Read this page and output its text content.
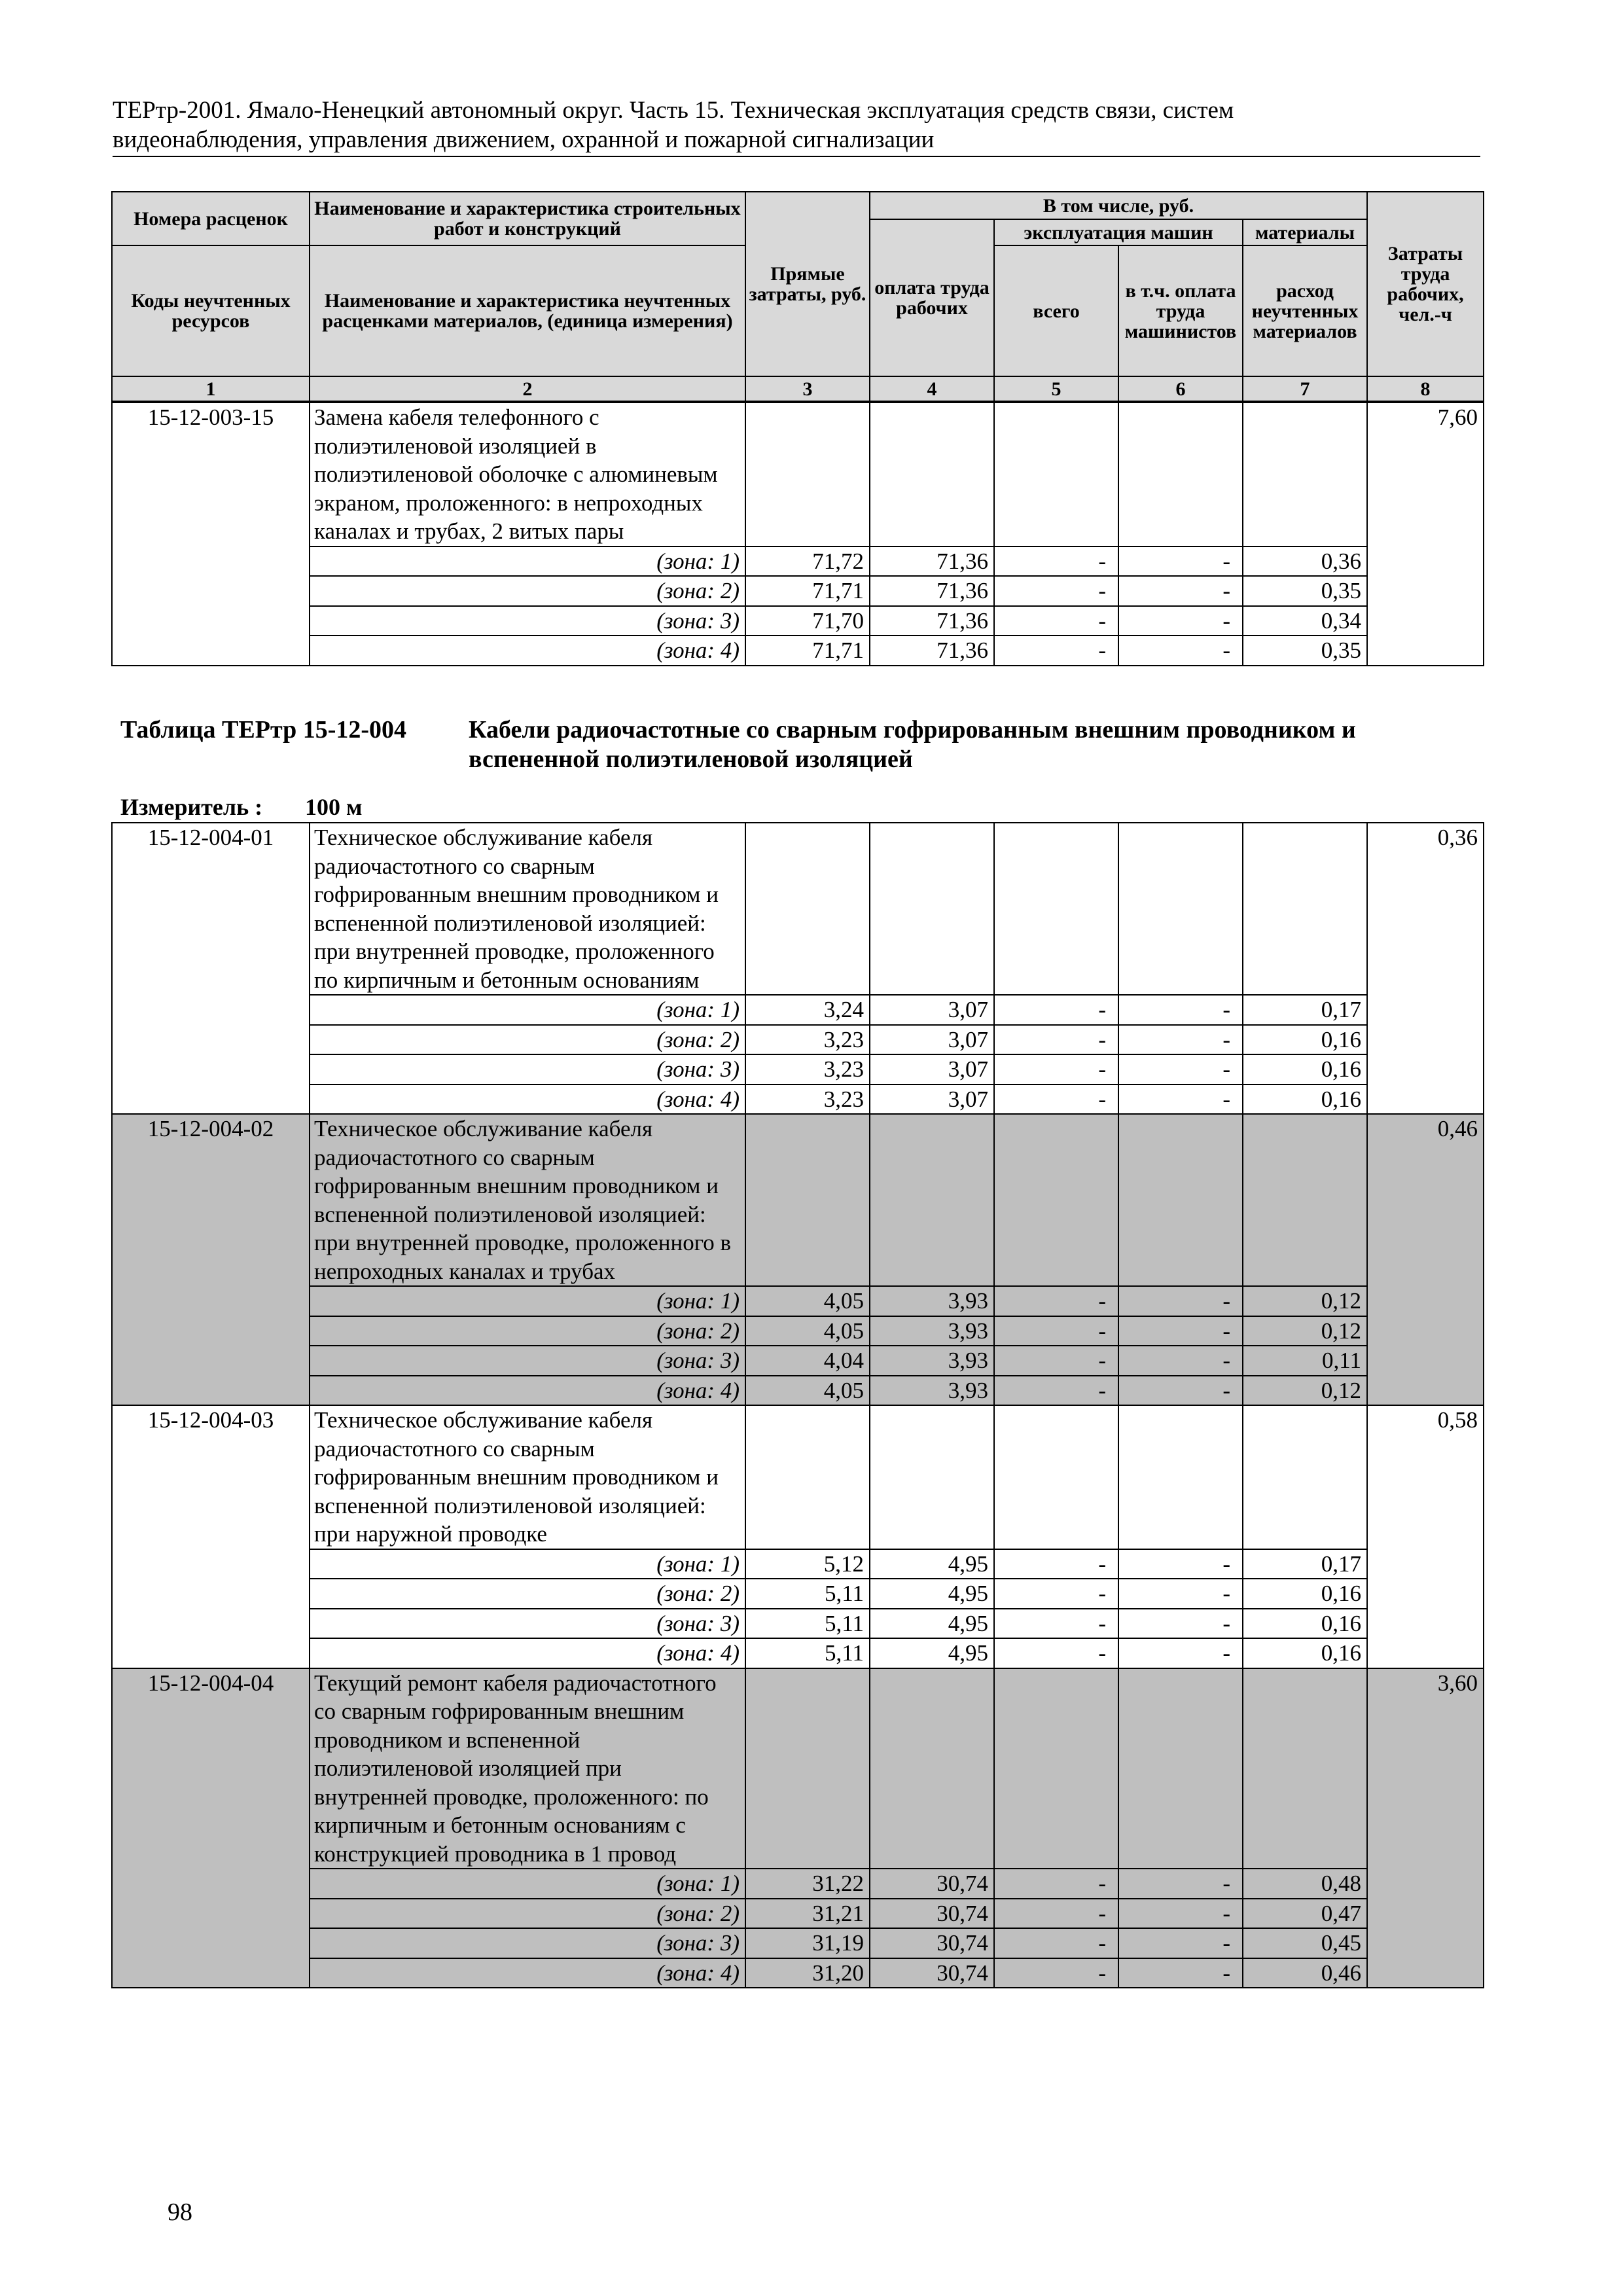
ТЕРтр-2001. Ямало-Ненецкий автономный округ. Часть 15. Техническая эксплуатация средств связи, систем
видеонаблюдения, управления движением, охранной и пожарной сигнализации
Номера расценок	Наименование и характеристика строительных работ и конструкций	Прямые затраты, руб.	В том числе, руб.				Затраты труда рабочих, чел.-ч
			оплата труда рабочих	эксплуатация машин		материалы	
Коды неучтенных ресурсов	Наименование и характеристика неучтенных расценками материалов, (единица измерения)			всего	в т.ч. оплата труда машинистов	расход неучтенных материалов	
1	2	3	4	5	6	7	8
15-12-003-15	Замена кабеля телефонного с полиэтиленовой изоляцией в полиэтиленовой оболочке с алюминевым экраном, проложенного: в непроходных каналах и трубах, 2 витых пары						7,60
	(зона: 1)	71,72	71,36	-	-	0,36	
	(зона: 2)	71,71	71,36	-	-	0,35	
	(зона: 3)	71,70	71,36	-	-	0,34	
	(зона: 4)	71,71	71,36	-	-	0,35	
Таблица ТЕРтр 15-12-004 Кабели радиочастотные со сварным гофрированным внешним проводником и вспененной полиэтиленовой изоляцией
Измеритель : 100 м
15-12-004-01	Техническое обслуживание кабеля радиочастотного со сварным гофрированным внешним проводником и вспененной полиэтиленовой изоляцией: при внутренней проводке, проложенного по кирпичным и бетонным основаниям						0,36
	(зона: 1)	3,24	3,07	-	-	0,17	
	(зона: 2)	3,23	3,07	-	-	0,16	
	(зона: 3)	3,23	3,07	-	-	0,16	
	(зона: 4)	3,23	3,07	-	-	0,16	
15-12-004-02	Техническое обслуживание кабеля радиочастотного со сварным гофрированным внешним проводником и вспененной полиэтиленовой изоляцией: при внутренней проводке, проложенного в непроходных каналах и трубах						0,46
	(зона: 1)	4,05	3,93	-	-	0,12	
	(зона: 2)	4,05	3,93	-	-	0,12	
	(зона: 3)	4,04	3,93	-	-	0,11	
	(зона: 4)	4,05	3,93	-	-	0,12	
15-12-004-03	Техническое обслуживание кабеля радиочастотного со сварным гофрированным внешним проводником и вспененной полиэтиленовой изоляцией: при наружной проводке						0,58
	(зона: 1)	5,12	4,95	-	-	0,17	
	(зона: 2)	5,11	4,95	-	-	0,16	
	(зона: 3)	5,11	4,95	-	-	0,16	
	(зона: 4)	5,11	4,95	-	-	0,16	
15-12-004-04	Текущий ремонт кабеля радиочастотного со сварным гофрированным внешним проводником и вспененной полиэтиленовой изоляцией при внутренней проводке, проложенного: по кирпичным и бетонным основаниям с конструкцией проводника в 1 провод						3,60
	(зона: 1)	31,22	30,74	-	-	0,48	
	(зона: 2)	31,21	30,74	-	-	0,47	
	(зона: 3)	31,19	30,74	-	-	0,45	
	(зона: 4)	31,20	30,74	-	-	0,46	
98
